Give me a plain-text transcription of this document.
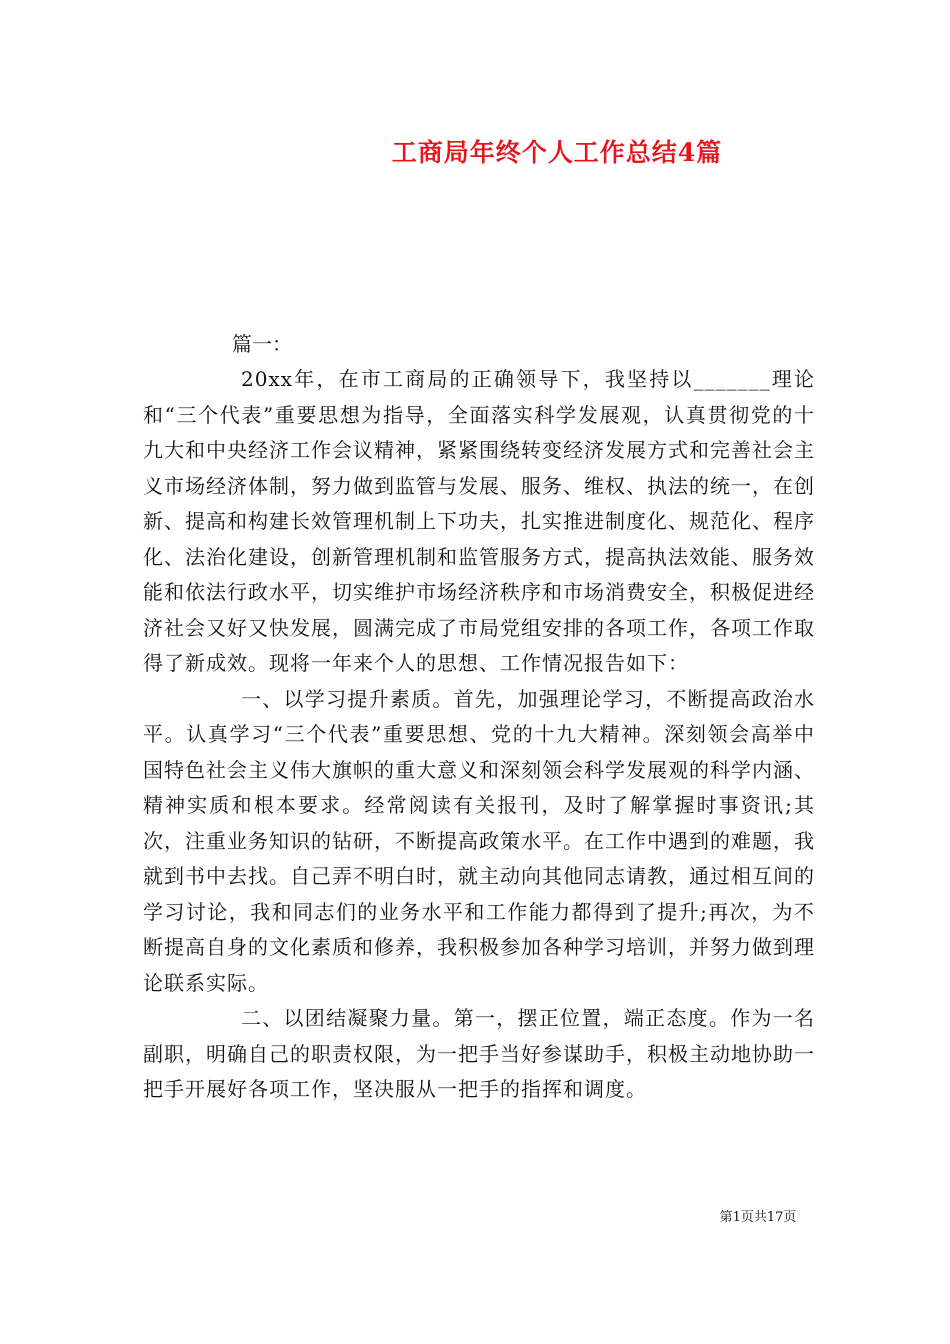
工商局年终个人工作总结4篇

篇一：

20xx年，在市工商局的正确领导下，我坚持以_______理论和“三个代表”重要思想为指导，全面落实科学发展观，认真贯彻党的十九大和中央经济工作会议精神，紧紧围绕转变经济发展方式和完善社会主义市场经济体制，努力做到监管与发展、服务、维权、执法的统一，在创新、提高和构建长效管理机制上下功夫，扎实推进制度化、规范化、程序化、法治化建设，创新管理机制和监管服务方式，提高执法效能、服务效能和依法行政水平，切实维护市场经济秩序和市场消费安全，积极促进经济社会又好又快发展，圆满完成了市局党组安排的各项工作，各项工作取得了新成效。现将一年来个人的思想、工作情况报告如下：

一、以学习提升素质。首先，加强理论学习，不断提高政治水平。认真学习“三个代表”重要思想、党的十九大精神。深刻领会高举中国特色社会主义伟大旗帜的重大意义和深刻领会科学发展观的科学内涵、精神实质和根本要求。经常阅读有关报刊，及时了解掌握时事资讯;其次，注重业务知识的钻研，不断提高政策水平。在工作中遇到的难题，我就到书中去找。自己弄不明白时，就主动向其他同志请教，通过相互间的学习讨论，我和同志们的业务水平和工作能力都得到了提升;再次，为不断提高自身的文化素质和修养，我积极参加各种学习培训，并努力做到理论联系实际。

二、以团结凝聚力量。第一，摆正位置，端正态度。作为一名副职，明确自己的职责权限，为一把手当好参谋助手，积极主动地协助一把手开展好各项工作，坚决服从一把手的指挥和调度。

第1页共17页
